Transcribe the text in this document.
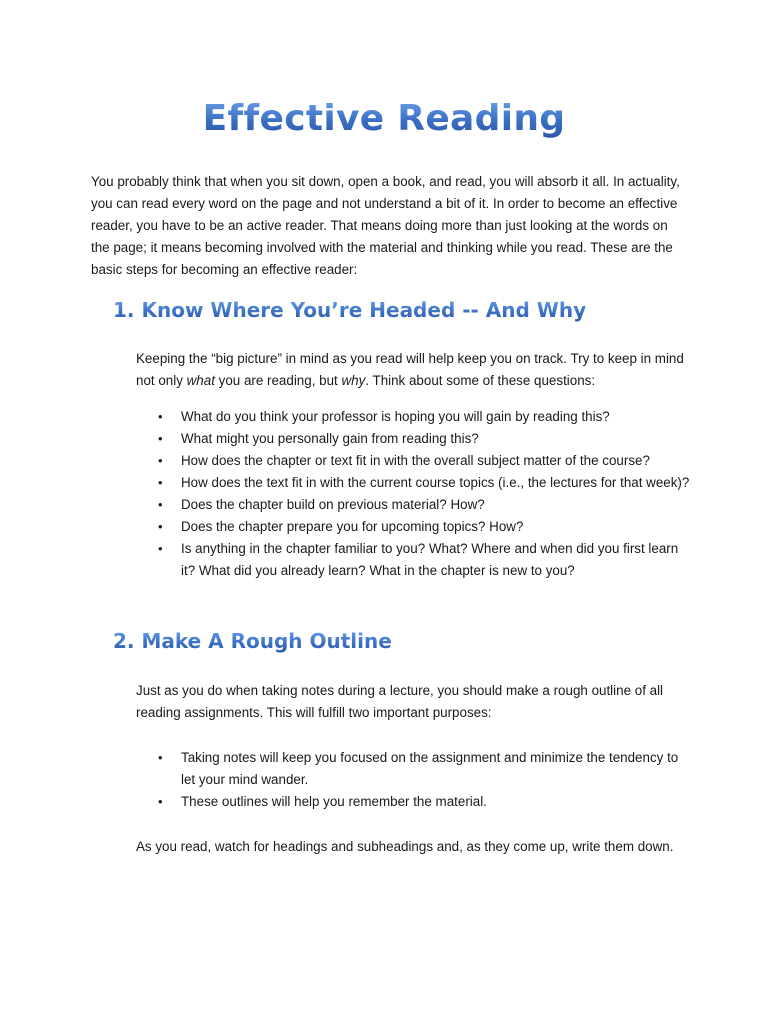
Effective Reading

You probably think that when you sit down, open a book, and read, you will absorb it all. In actuality, you can read every word on the page and not understand a bit of it. In order to become an effective reader, you have to be an active reader. That means doing more than just looking at the words on the page; it means becoming involved with the material and thinking while you read. These are the basic steps for becoming an effective reader:

1. Know Where You’re Headed -- And Why

Keeping the “big picture” in mind as you read will help keep you on track. Try to keep in mind not only what you are reading, but why. Think about some of these questions:

• What do you think your professor is hoping you will gain by reading this?
• What might you personally gain from reading this?
• How does the chapter or text fit in with the overall subject matter of the course?
• How does the text fit in with the current course topics (i.e., the lectures for that week)?
• Does the chapter build on previous material? How?
• Does the chapter prepare you for upcoming topics? How?
• Is anything in the chapter familiar to you? What? Where and when did you first learn it? What did you already learn? What in the chapter is new to you?
2. Make A Rough Outline

Just as you do when taking notes during a lecture, you should make a rough outline of all reading assignments. This will fulfill two important purposes:

• Taking notes will keep you focused on the assignment and minimize the tendency to let your mind wander.
• These outlines will help you remember the material.

As you read, watch for headings and subheadings and, as they come up, write them down.
